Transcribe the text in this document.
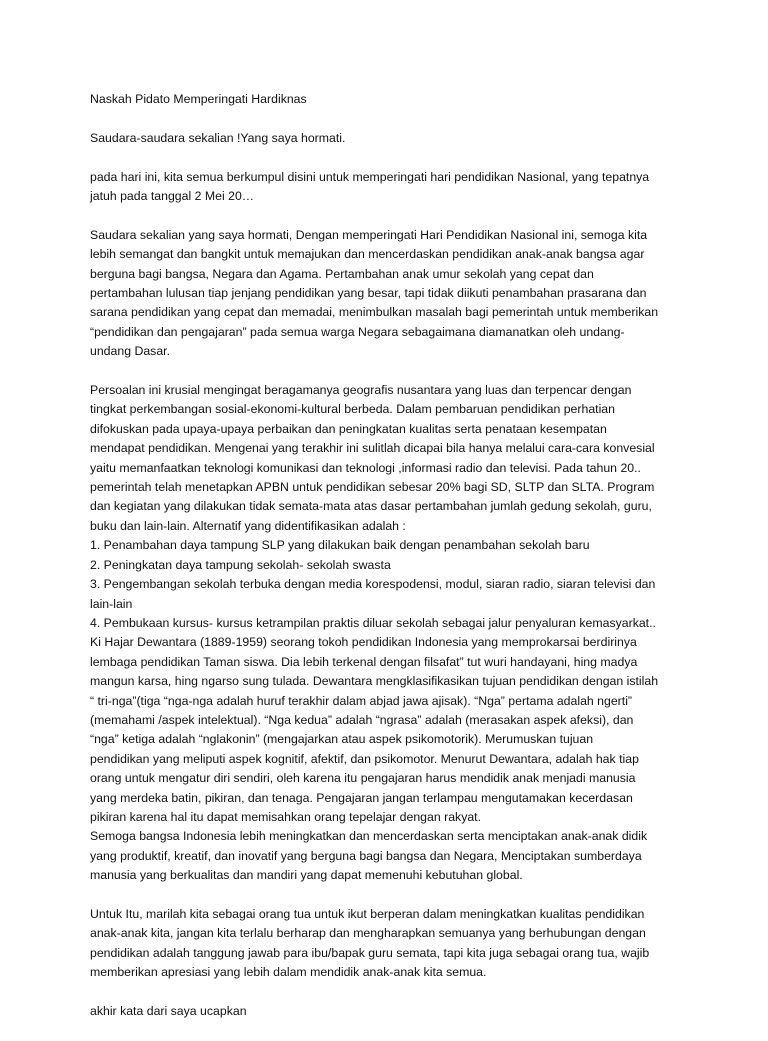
Naskah Pidato Memperingati Hardiknas

Saudara-saudara sekalian !Yang saya hormati.
pada hari ini, kita semua berkumpul disini untuk memperingati hari pendidikan Nasional, yang tepatnya
jatuh pada tanggal 2 Mei 20…
Saudara sekalian yang saya hormati, Dengan memperingati Hari Pendidikan Nasional ini, semoga kita
lebih semangat dan bangkit untuk memajukan dan mencerdaskan pendidikan anak-anak bangsa agar
berguna bagi bangsa, Negara dan Agama. Pertambahan anak umur sekolah yang cepat dan
pertambahan lulusan tiap jenjang pendidikan yang besar, tapi tidak diikuti penambahan prasarana dan
sarana pendidikan yang cepat dan memadai, menimbulkan masalah bagi pemerintah untuk memberikan
“pendidikan dan pengajaran” pada semua warga Negara sebagaimana diamanatkan oleh undang-
undang Dasar.
Persoalan ini krusial mengingat beragamanya geografis nusantara yang luas dan terpencar dengan
tingkat perkembangan sosial-ekonomi-kultural berbeda. Dalam pembaruan pendidikan perhatian
difokuskan pada upaya-upaya perbaikan dan peningkatan kualitas serta penataan kesempatan
mendapat pendidikan. Mengenai yang terakhir ini sulitlah dicapai bila hanya melalui cara-cara konvesial
yaitu memanfaatkan teknologi komunikasi dan teknologi ,informasi radio dan televisi. Pada tahun 20..
pemerintah telah menetapkan APBN untuk pendidikan sebesar 20% bagi SD, SLTP dan SLTA. Program
dan kegiatan yang dilakukan tidak semata-mata atas dasar pertambahan jumlah gedung sekolah, guru,
buku dan lain-lain. Alternatif yang didentifikasikan adalah :
1. Penambahan daya tampung SLP yang dilakukan baik dengan penambahan sekolah baru
2. Peningkatan daya tampung sekolah- sekolah swasta
3. Pengembangan sekolah terbuka dengan media korespodensi, modul, siaran radio, siaran televisi dan
lain-lain
4. Pembukaan kursus- kursus ketrampilan praktis diluar sekolah sebagai jalur penyaluran kemasyarkat..
Ki Hajar Dewantara (1889-1959) seorang tokoh pendidikan Indonesia yang memprokarsai berdirinya
lembaga pendidikan Taman siswa. Dia lebih terkenal dengan filsafat” tut wuri handayani, hing madya
mangun karsa, hing ngarso sung tulada. Dewantara mengklasifikasikan tujuan pendidikan dengan istilah
“ tri-nga”(tiga “nga-nga adalah huruf terakhir dalam abjad jawa ajisak). “Nga” pertama adalah ngerti”
(memahami /aspek intelektual). “Nga kedua” adalah “ngrasa” adalah (merasakan aspek afeksi), dan
“nga” ketiga adalah “nglakonin” (mengajarkan atau aspek psikomotorik). Merumuskan tujuan
pendidikan yang meliputi aspek kognitif, afektif, dan psikomotor. Menurut Dewantara, adalah hak tiap
orang untuk mengatur diri sendiri, oleh karena itu pengajaran harus mendidik anak menjadi manusia
yang merdeka batin, pikiran, dan tenaga. Pengajaran jangan terlampau mengutamakan kecerdasan
pikiran karena hal itu dapat memisahkan orang tepelajar dengan rakyat.
Semoga bangsa Indonesia lebih meningkatkan dan mencerdaskan serta menciptakan anak-anak didik
yang produktif, kreatif, dan inovatif yang berguna bagi bangsa dan Negara, Menciptakan sumberdaya
manusia yang berkualitas dan mandiri yang dapat memenuhi kebutuhan global.
Untuk Itu, marilah kita sebagai orang tua untuk ikut berperan dalam meningkatkan kualitas pendidikan
anak-anak kita, jangan kita terlalu berharap dan mengharapkan semuanya yang berhubungan dengan
pendidikan adalah tanggung jawab para ibu/bapak guru semata, tapi kita juga sebagai orang tua, wajib
memberikan apresiasi yang lebih dalam mendidik anak-anak kita semua.
akhir kata dari saya ucapkan
